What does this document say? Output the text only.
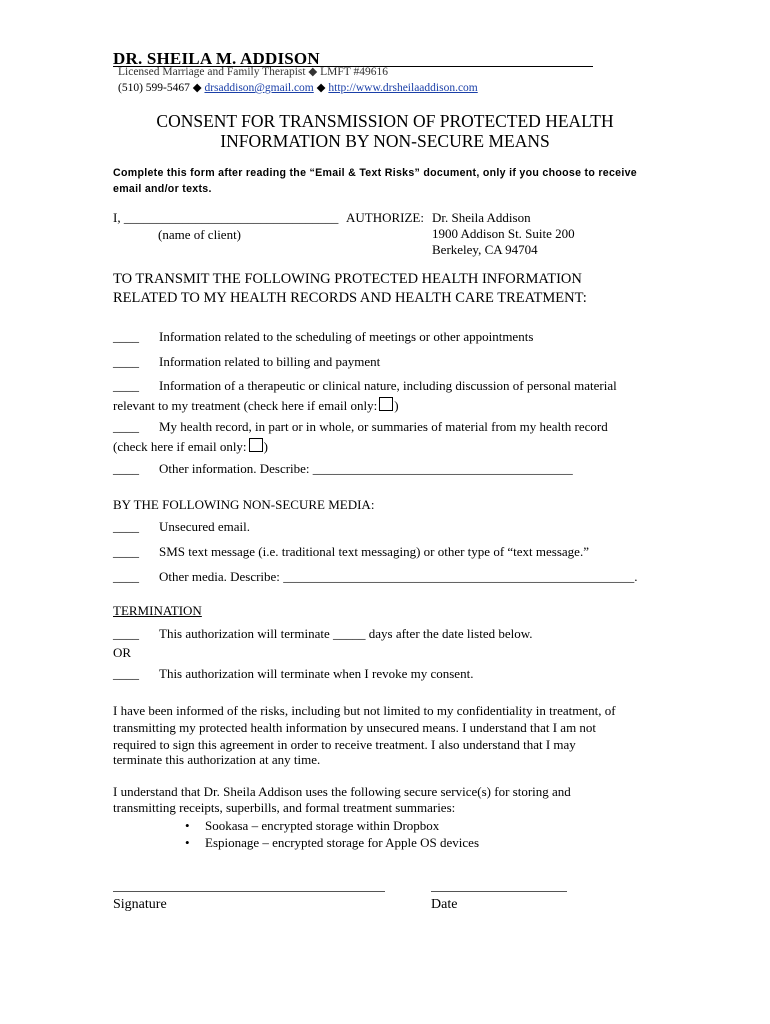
DR. SHEILA M. ADDISON
Licensed Marriage and Family Therapist ◆ LMFT #49616
(510) 599-5467 ◆ drsaddison@gmail.com ◆ http://www.drsheilaaddison.com
CONSENT FOR TRANSMISSION OF PROTECTED HEALTH
INFORMATION BY NON-SECURE MEANS
Complete this form after reading the “Email & Text Risks” document, only if you choose to receive
email and/or texts.
I, _________________________________
(name of client)
AUTHORIZE: Dr. Sheila Addison
1900 Addison St. Suite 200
Berkeley, CA 94704
TO TRANSMIT THE FOLLOWING PROTECTED HEALTH INFORMATION
RELATED TO MY HEALTH RECORDS AND HEALTH CARE TREATMENT:
____ Information related to the scheduling of meetings or other appointments
____ Information related to billing and payment
____ Information of a therapeutic or clinical nature, including discussion of personal material
relevant to my treatment (check here if email only: )
____ My health record, in part or in whole, or summaries of material from my health record
(check here if email only: )
____ Other information. Describe: ________________________________________
BY THE FOLLOWING NON-SECURE MEDIA:
____ Unsecured email.
____ SMS text message (i.e. traditional text messaging) or other type of “text message.”
____ Other media. Describe: ______________________________________________________.
TERMINATION
____ This authorization will terminate _____ days after the date listed below.
OR
____ This authorization will terminate when I revoke my consent.
I have been informed of the risks, including but not limited to my confidentiality in treatment, of
transmitting my protected health information by unsecured means. I understand that I am not
required to sign this agreement in order to receive treatment. I also understand that I may
terminate this authorization at any time.
I understand that Dr. Sheila Addison uses the following secure service(s) for storing and
transmitting receipts, superbills, and formal treatment summaries:
• Sookasa – encrypted storage within Dropbox
• Espionage – encrypted storage for Apple OS devices
Signature	Date
